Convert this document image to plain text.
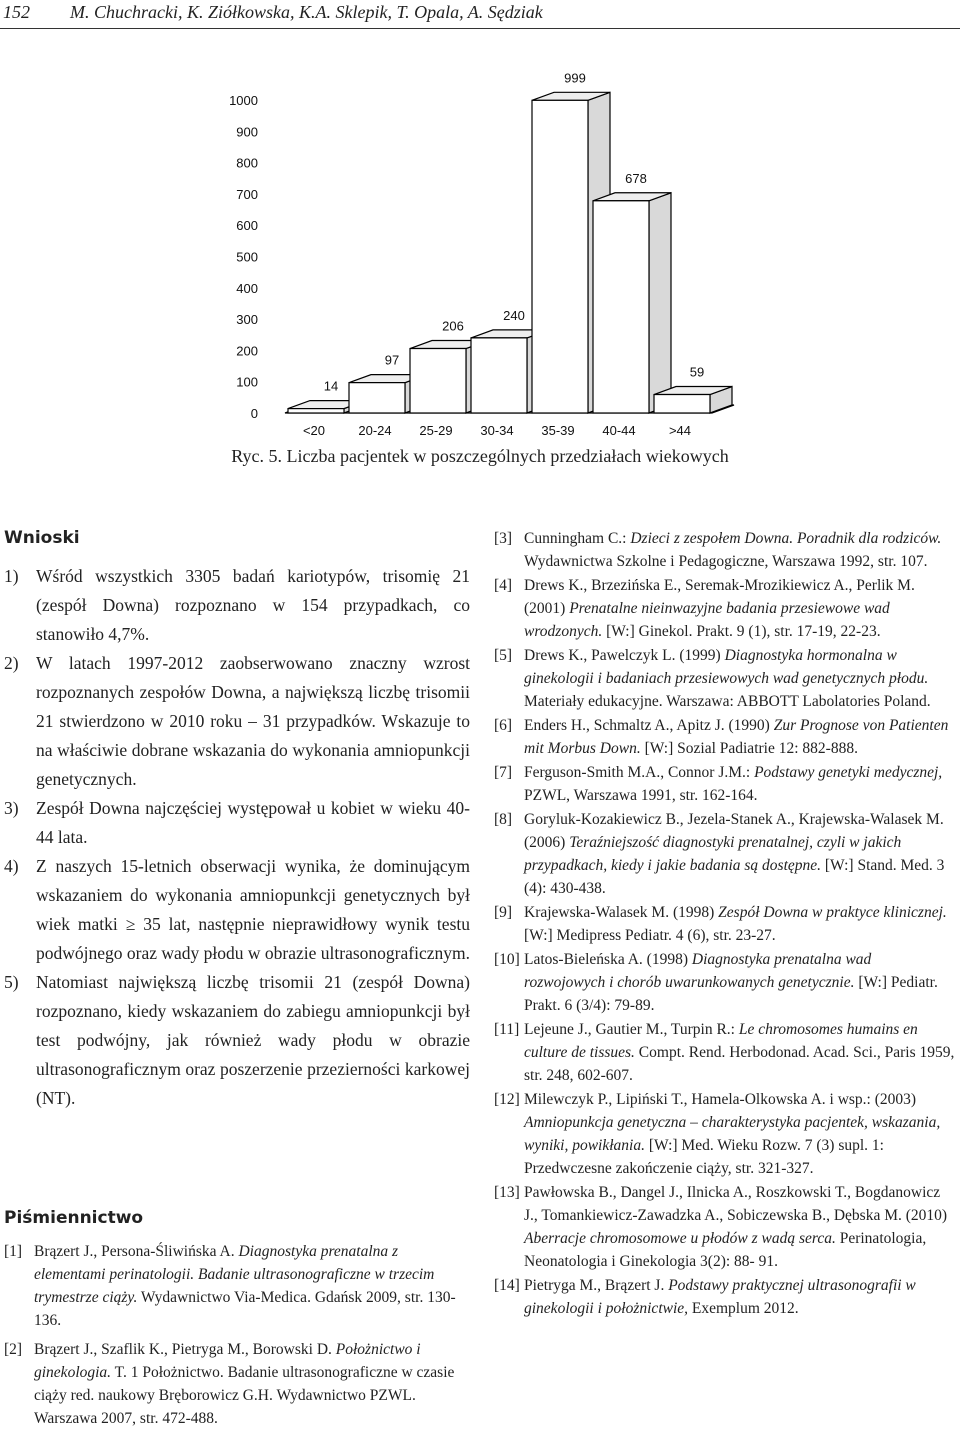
152 M. Chuchracki, K. Ziółkowska, K.A. Sklepik, T. Opala, A. Sędziak
0
100
200
300
400
500
600
700
800
900
1000
14
<20
97
20-24
206
25-29
240
30-34
999
35-39
678
40-44
59
>44
Ryc. 5. Liczba pacjentek w poszczególnych przedziałach wiekowych
Wnioski
1) Wśród wszystkich 3305 badań kariotypów, trisomię 21 (zespół Downa) rozpoznano w 154 przypadkach, co stanowiło 4,7%.
2) W latach 1997-2012 zaobserwowano znaczny wzrost rozpoznanych zespołów Downa, a największą liczbę trisomii 21 stwierdzono w 2010 roku – 31 przypadków. Wskazuje to na właściwie dobrane wskazania do wykonania amniopunkcji genetycznych.
3) Zespół Downa najczęściej występował u kobiet w wieku 40-44 lata.
4) Z naszych 15-letnich obserwacji wynika, że dominującym wskazaniem do wykonania amniopunkcji genetycznych był wiek matki ≥ 35 lat, następnie nieprawidłowy wynik testu podwójnego oraz wady płodu w obrazie ultrasonograficznym.
5) Natomiast największą liczbę trisomii 21 (zespół Downa) rozpoznano, kiedy wskazaniem do zabiegu amniopunkcji był test podwójny, jak również wady płodu w obrazie ultrasonograficznym oraz poszerzenie przezierności karkowej (NT).
Piśmiennictwo
[1] Brązert J., Persona-Śliwińska A. Diagnostyka prenatalna z elementami perinatologii. Badanie ultrasonograficzne w trzecim trymestrze ciąży. Wydawnictwo Via-Medica. Gdańsk 2009, str. 130-136.
[2] Brązert J., Szaflik K., Pietryga M., Borowski D. Położnictwo i ginekologia. T. 1 Położnictwo. Badanie ultrasonograficzne w czasie ciąży red. naukowy Bręborowicz G.H. Wydawnictwo PZWL. Warszawa 2007, str. 472-488.
[3] Cunningham C.: Dzieci z zespołem Downa. Poradnik dla rodziców. Wydawnictwa Szkolne i Pedagogiczne, Warszawa 1992, str. 107.
[4] Drews K., Brzezińska E., Seremak-Mrozikiewicz A., Perlik M. (2001) Prenatalne nieinwazyjne badania przesiewowe wad wrodzonych. [W:] Ginekol. Prakt. 9 (1), str. 17-19, 22-23.
[5] Drews K., Pawelczyk L. (1999) Diagnostyka hormonalna w ginekologii i badaniach przesiewowych wad genetycznych płodu. Materiały edukacyjne. Warszawa: ABBOTT Labolatories Poland.
[6] Enders H., Schmaltz A., Apitz J. (1990) Zur Prognose von Patienten mit Morbus Down. [W:] Sozial Padiatrie 12: 882-888.
[7] Ferguson-Smith M.A., Connor J.M.: Podstawy genetyki medycznej, PZWL, Warszawa 1991, str. 162-164.
[8] Goryluk-Kozakiewicz B., Jezela-Stanek A., Krajewska-Walasek M. (2006) Teraźniejszość diagnostyki prenatalnej, czyli w jakich przypadkach, kiedy i jakie badania są dostępne. [W:] Stand. Med. 3 (4): 430-438.
[9] Krajewska-Walasek M. (1998) Zespół Downa w praktyce klinicznej. [W:] Medipress Pediatr. 4 (6), str. 23-27.
[10] Latos-Bieleńska A. (1998) Diagnostyka prenatalna wad rozwojowych i chorób uwarunkowanych genetycznie. [W:] Pediatr. Prakt. 6 (3/4): 79-89.
[11] Lejeune J., Gautier M., Turpin R.: Le chromosomes humains en culture de tissues. Compt. Rend. Herbodonad. Acad. Sci., Paris 1959, str. 248, 602-607.
[12] Milewczyk P., Lipiński T., Hamela-Olkowska A. i wsp.: (2003) Amniopunkcja genetyczna – charakterystyka pacjentek, wskazania, wyniki, powikłania. [W:] Med. Wieku Rozw. 7 (3) supl. 1: Przedwczesne zakończenie ciąży, str. 321-327.
[13] Pawłowska B., Dangel J., Ilnicka A., Roszkowski T., Bogdanowicz J., Tomankiewicz-Zawadzka A., Sobiczewska B., Dębska M. (2010) Aberracje chromosomowe u płodów z wadą serca. Perinatologia, Neonatologia i Ginekologia 3(2): 88- 91.
[14] Pietryga M., Brązert J. Podstawy praktycznej ultrasonografii w ginekologii i położnictwie, Exemplum 2012.
